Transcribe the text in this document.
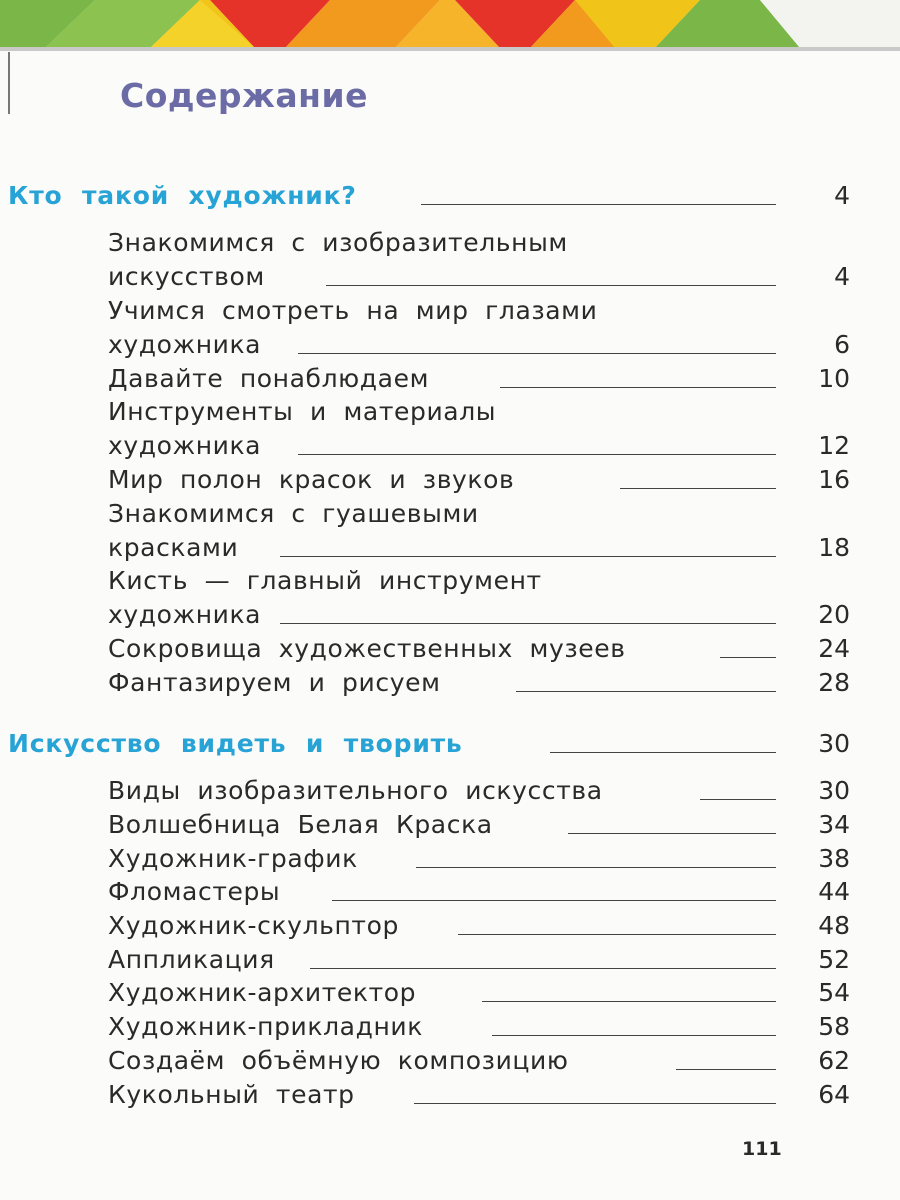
Содержание
Кто такой художник?	4
Знакомимся с изобразительным
искусством	4
Учимся смотреть на мир глазами
художника	6
Давайте понаблюдаем	10
Инструменты и материалы
художника	12
Мир полон красок и звуков	16
Знакомимся с гуашевыми
красками	18
Кисть — главный инструмент
художника	20
Сокровища художественных музеев	24
Фантазируем и рисуем	28
Искусство видеть и творить	30
Виды изобразительного искусства	30
Волшебница Белая Краска	34
Художник-график	38
Фломастеры	44
Художник-скульптор	48
Аппликация	52
Художник-архитектор	54
Художник-прикладник	58
Создаём объёмную композицию	62
Кукольный театр	64
111
